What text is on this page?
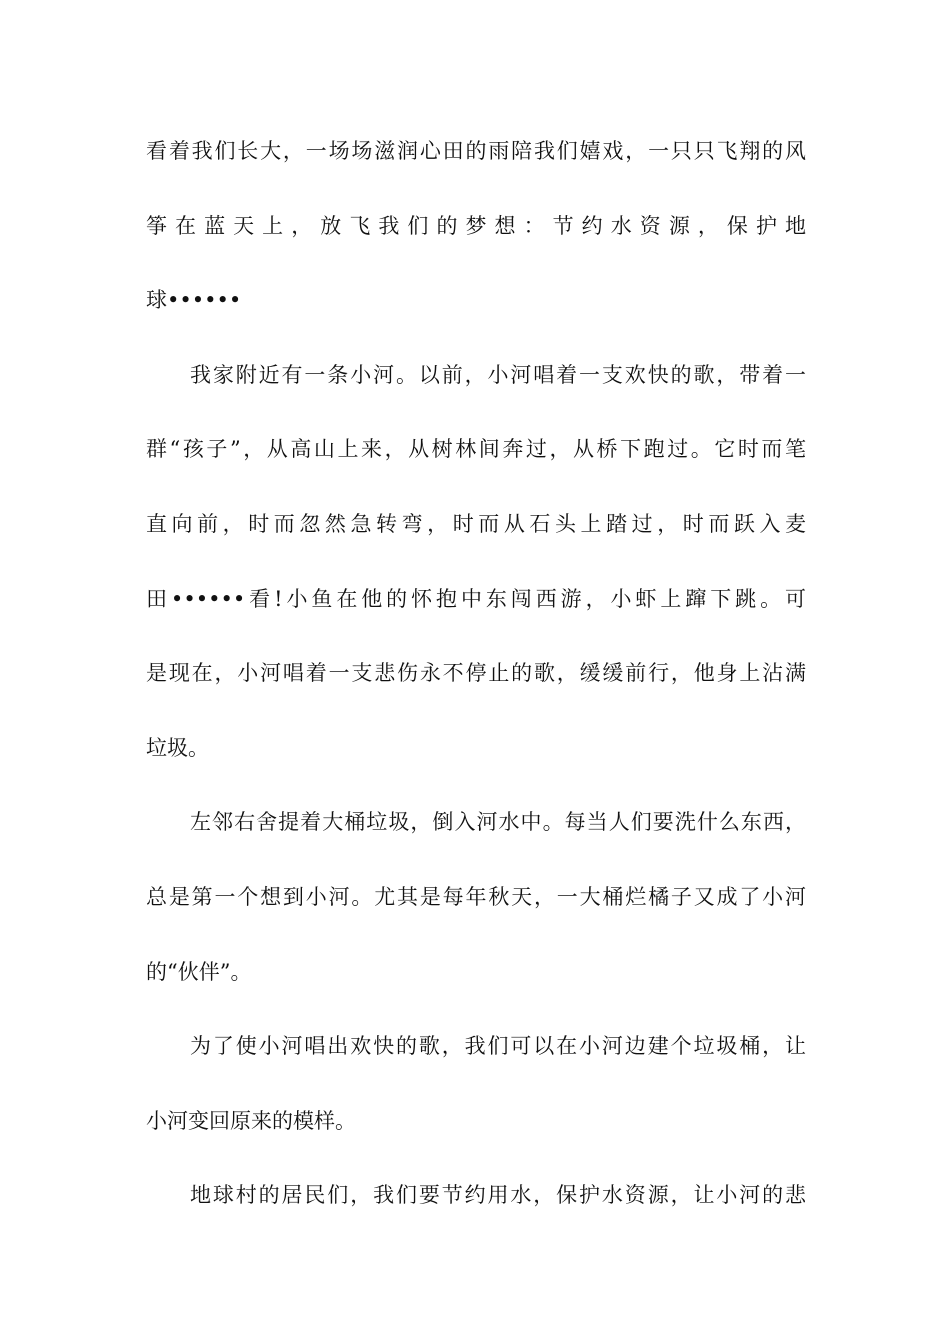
看着我们长大，一场场滋润心田的雨陪我们嬉戏，一只只飞翔的风
筝在蓝天上，放飞我们的梦想：节约水资源，保护地
球••••••
我家附近有一条小河。以前，小河唱着一支欢快的歌，带着一
群“孩子”，从高山上来，从树林间奔过，从桥下跑过。它时而笔
直向前，时而忽然急转弯，时而从石头上踏过，时而跃入麦
田••••••看!小鱼在他的怀抱中东闯西游，小虾上蹿下跳。可
是现在，小河唱着一支悲伤永不停止的歌，缓缓前行，他身上沾满
垃圾。
左邻右舍提着大桶垃圾，倒入河水中。每当人们要洗什么东西，
总是第一个想到小河。尤其是每年秋天，一大桶烂橘子又成了小河
的“伙伴”。
为了使小河唱出欢快的歌，我们可以在小河边建个垃圾桶，让
小河变回原来的模样。
地球村的居民们，我们要节约用水，保护水资源，让小河的悲
